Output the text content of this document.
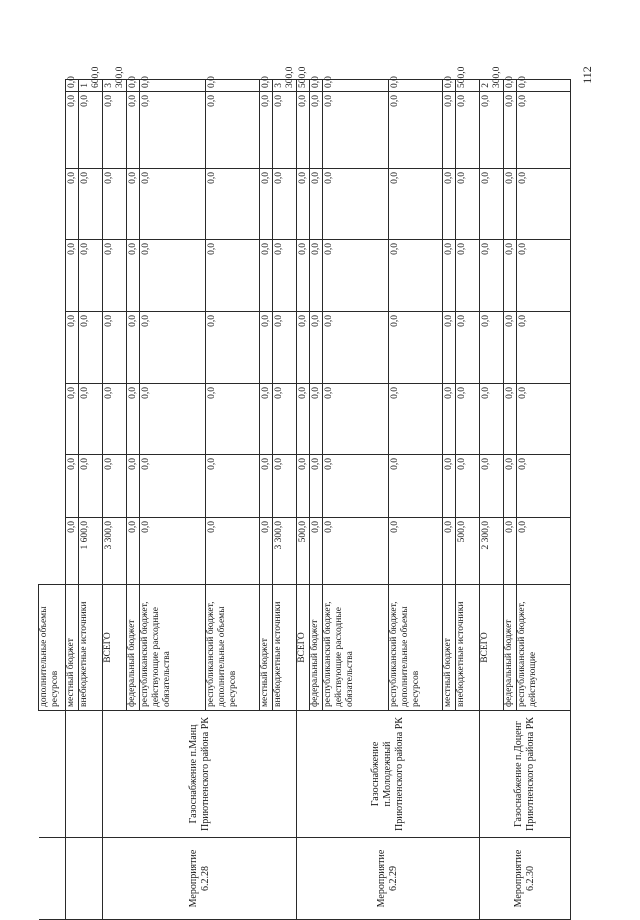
112
		дополнительные объемы ресурсов								
		местный бюджет	0,0	0,0	0,0	0,0	0,0	0,0	0,0	0,0
		внебюджетные источники	1 600,0	0,0	0,0	0,0	0,0	0,0	0,0	1 600,0
Мероприятие 6.2.28	Газоснабжение п.Манц Приютненского района РК	ВСЕГО	3 300,0	0,0	0,0	0,0	0,0	0,0	0,0	3 300,0
		федеральный бюджет	0,0	0,0	0,0	0,0	0,0	0,0	0,0	0,0
		республиканский бюджет, действующие расходные обязательства	0,0	0,0	0,0	0,0	0,0	0,0	0,0	0,0
		республиканский бюджет, дополнительные объемы ресурсов	0,0	0,0	0,0	0,0	0,0	0,0	0,0	0,0
		местный бюджет	0,0	0,0	0,0	0,0	0,0	0,0	0,0	0,0
		внебюджетные источники	3 300,0	0,0	0,0	0,0	0,0	0,0	0,0	3 300,0
Мероприятие 6.2.29	Газоснабжение п.Молодежный Приютненского района РК	ВСЕГО	500,0	0,0	0,0	0,0	0,0	0,0	0,0	500,0
		федеральный бюджет	0,0	0,0	0,0	0,0	0,0	0,0	0,0	0,0
		республиканский бюджет, действующие расходные обязательства	0,0	0,0	0,0	0,0	0,0	0,0	0,0	0,0
		республиканский бюджет, дополнительные объемы ресурсов	0,0	0,0	0,0	0,0	0,0	0,0	0,0	0,0
		местный бюджет	0,0	0,0	0,0	0,0	0,0	0,0	0,0	0,0
		внебюджетные источники	500,0	0,0	0,0	0,0	0,0	0,0	0,0	500,0
Мероприятие 6.2.30	Газоснабжение п.Доценг Приютненского района РК	ВСЕГО	2 300,0	0,0	0,0	0,0	0,0	0,0	0,0	2 300,0
		федеральный бюджет	0,0	0,0	0,0	0,0	0,0	0,0	0,0	0,0
		республиканский бюджет, действующие	0,0	0,0	0,0	0,0	0,0	0,0	0,0	0,0
